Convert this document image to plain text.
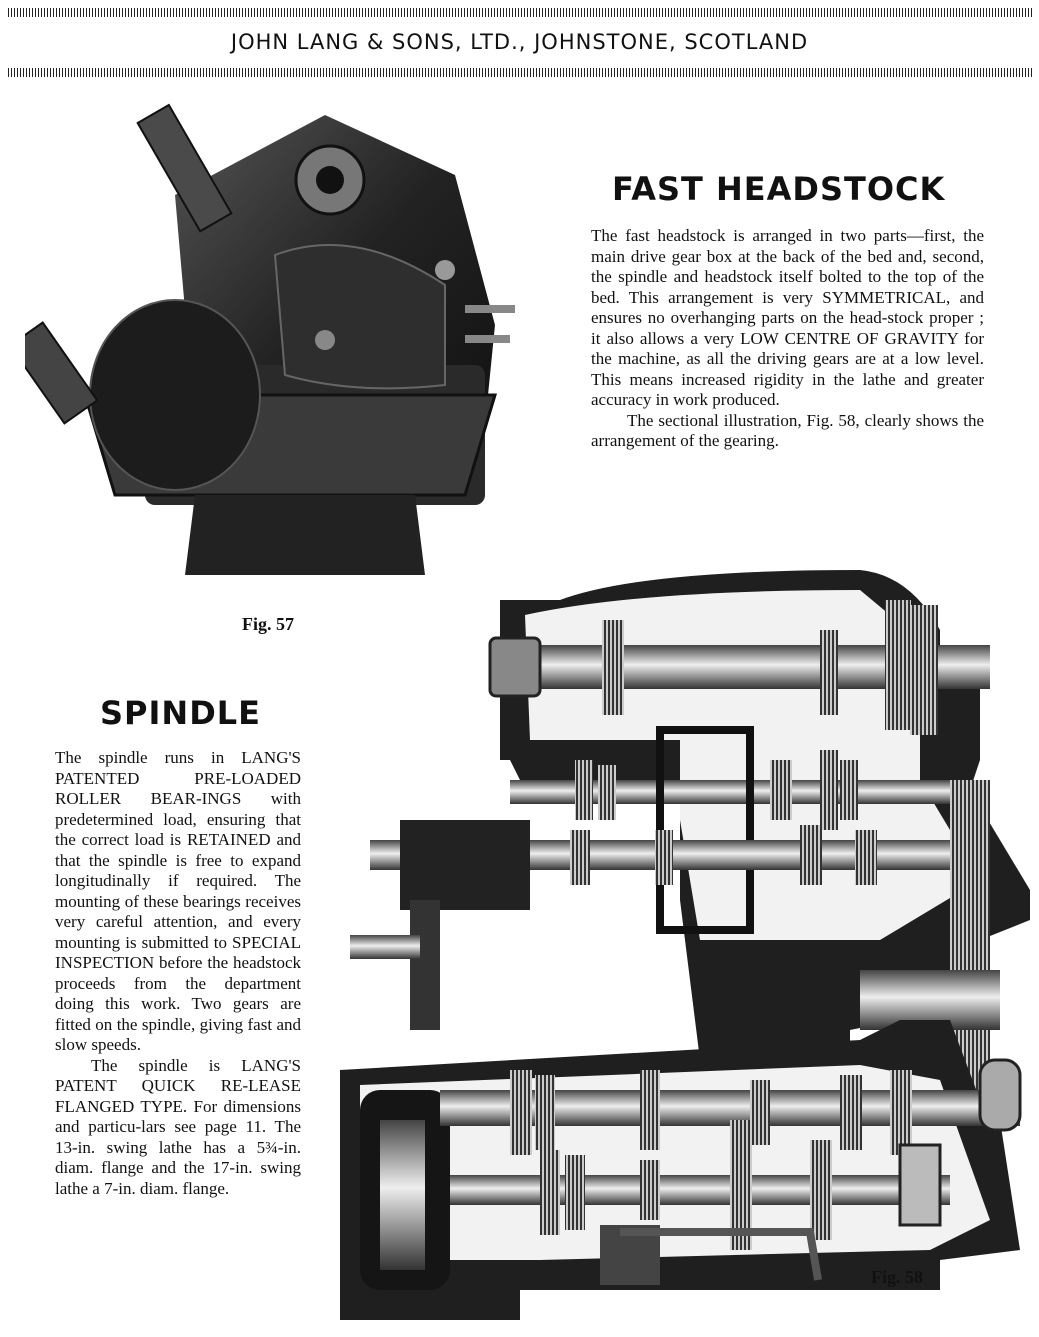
JOHN LANG & SONS, LTD., JOHNSTONE, SCOTLAND
Fig. 57
FAST HEADSTOCK

The fast headstock is arranged in two parts—first, the main drive gear box at the back of the bed and, second, the spindle and headstock itself bolted to the top of the bed. This arrangement is very SYMMETRICAL, and ensures no overhanging parts on the head-stock proper ; it also allows a very LOW CENTRE OF GRAVITY for the machine, as all the driving gears are at a low level. This means increased rigidity in the lathe and greater accuracy in work produced.

The sectional illustration, Fig. 58, clearly shows the arrangement of the gearing.

SPINDLE

The spindle runs in LANG'S PATENTED PRE-LOADED ROLLER BEAR-INGS with predetermined load, ensuring that the correct load is RETAINED and that the spindle is free to expand longitudinally if required. The mounting of these bearings receives very careful attention, and every mounting is submitted to SPECIAL INSPECTION before the headstock proceeds from the department doing this work. Two gears are fitted on the spindle, giving fast and slow speeds.

The spindle is LANG'S PATENT QUICK RE-LEASE FLANGED TYPE. For dimensions and particu-lars see page 11. The 13-in. swing lathe has a 5¾-in. diam. flange and the 17-in. swing lathe a 7-in. diam. flange.

Fig. 58
